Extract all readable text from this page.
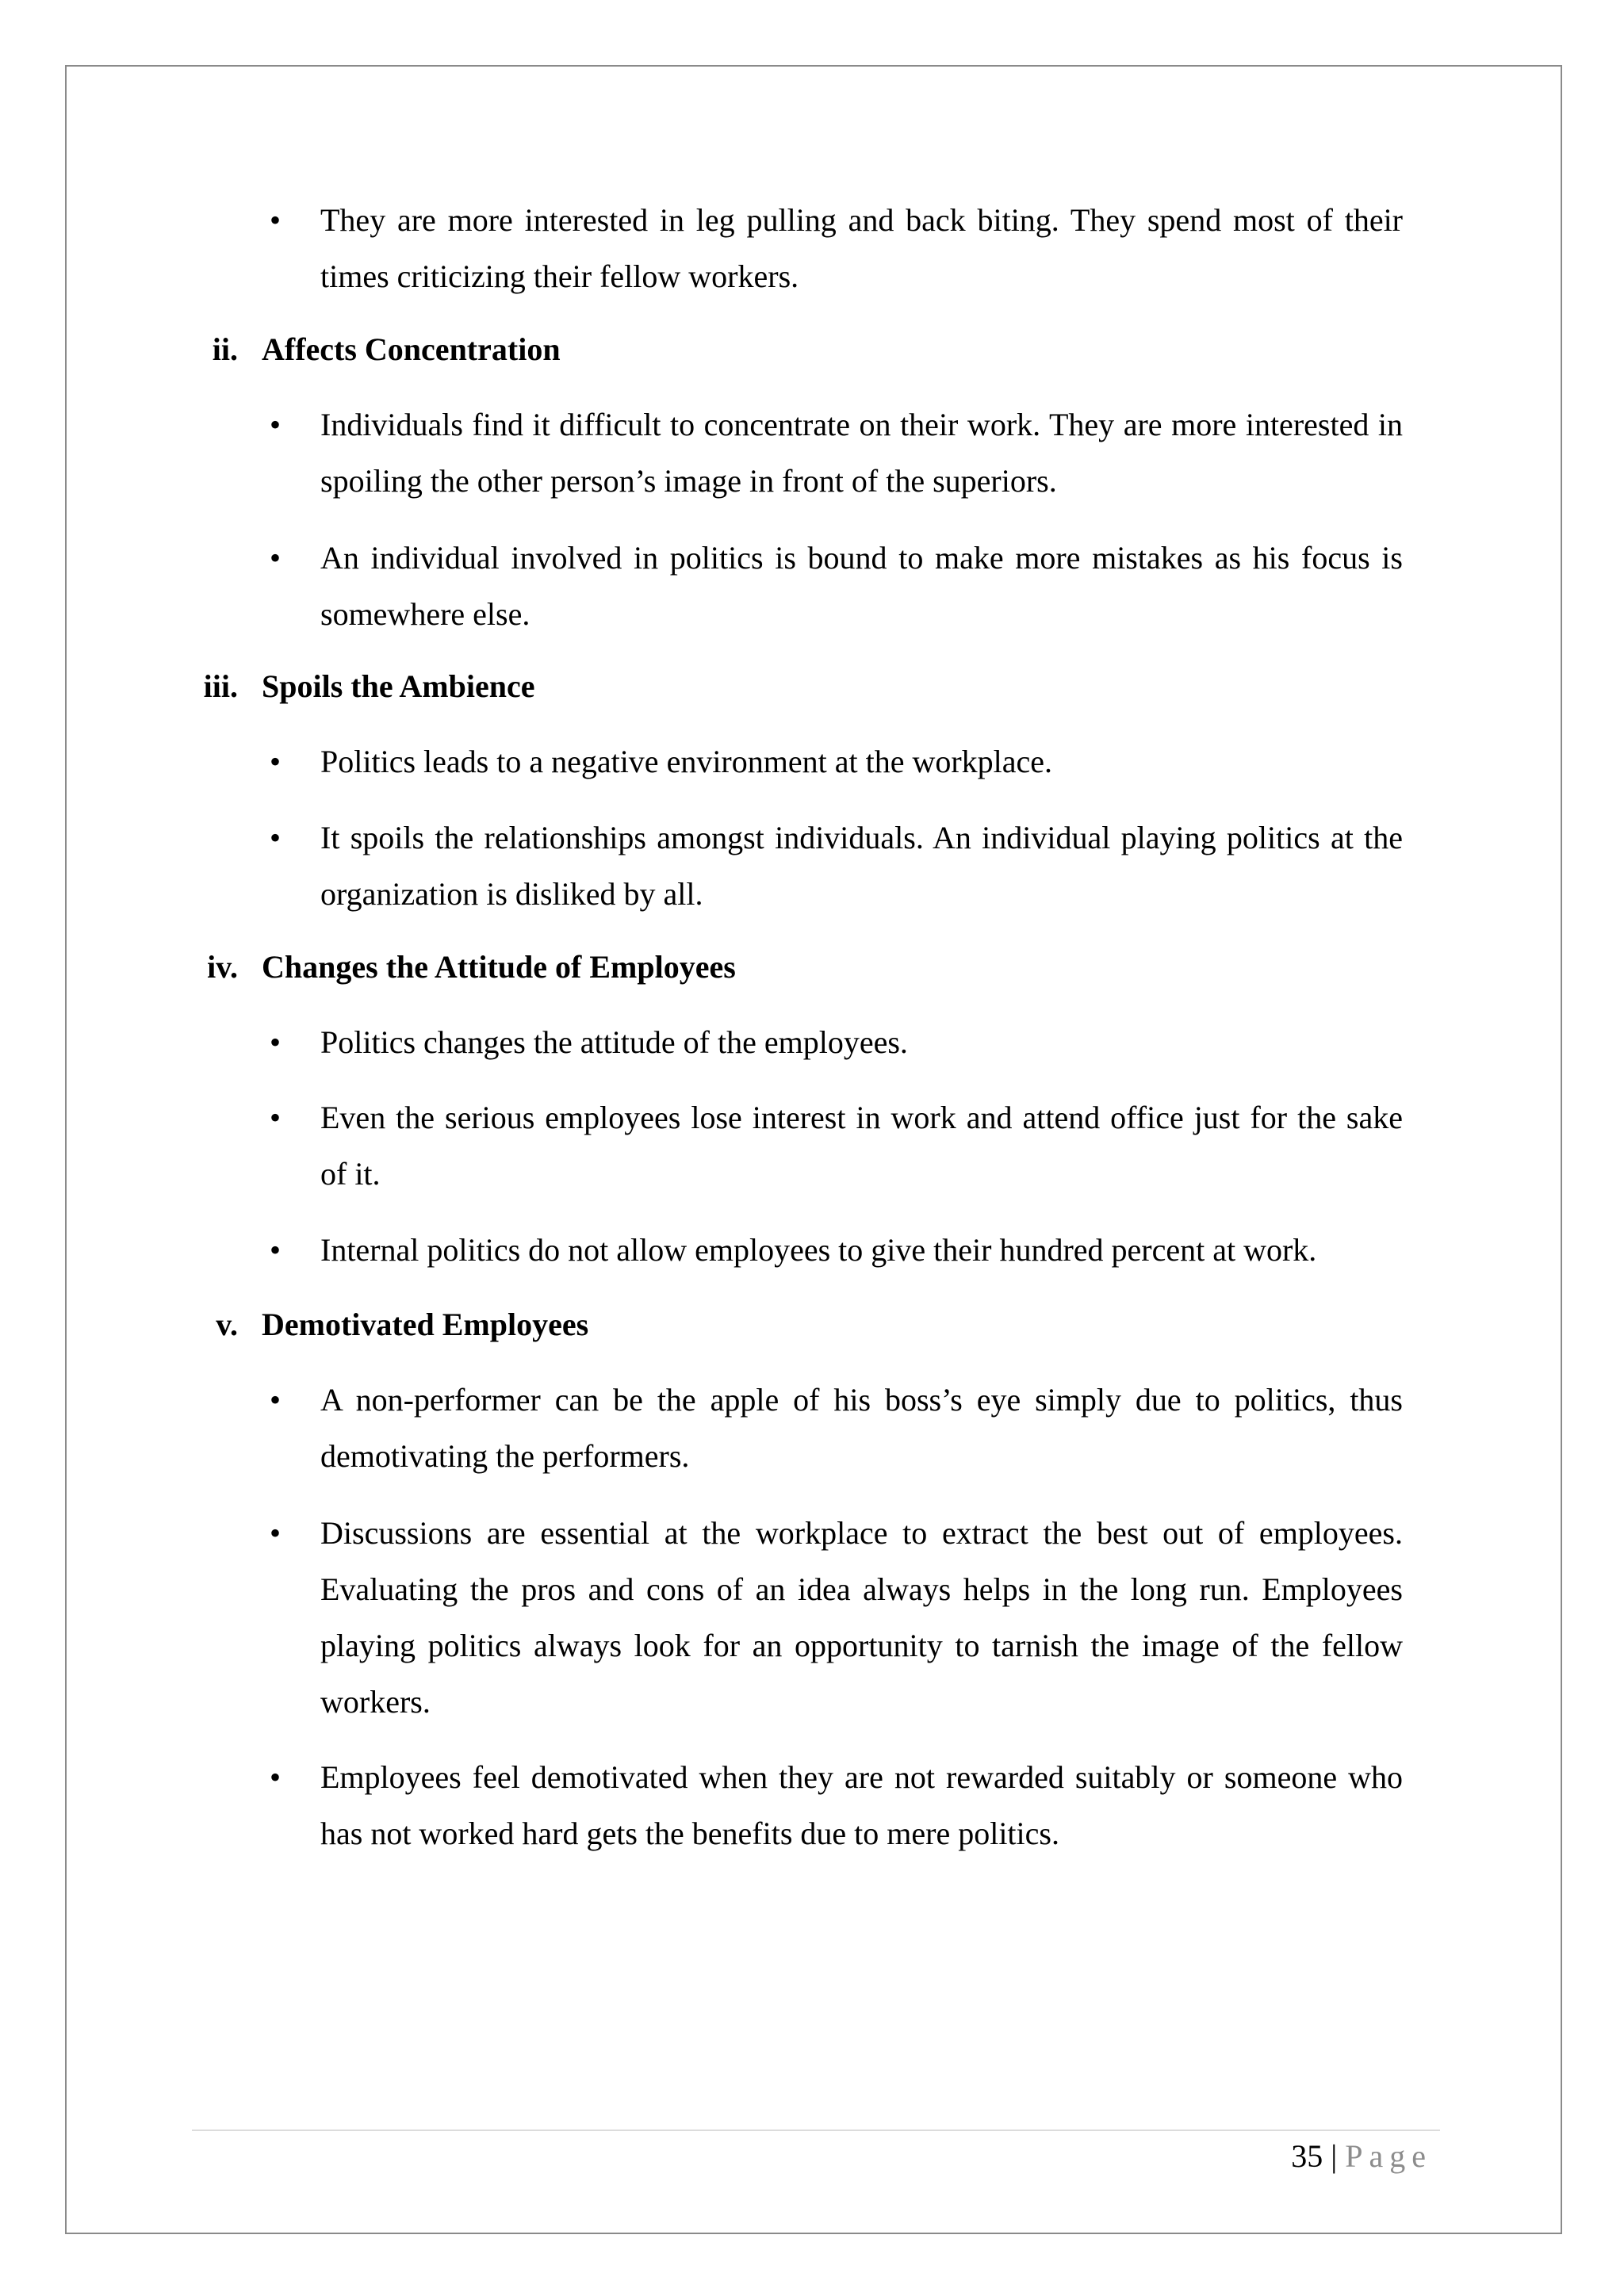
• They are more interested in leg pulling and back biting. They spend most of their times criticizing their fellow workers.
ii. Affects Concentration
• Individuals find it difficult to concentrate on their work. They are more interested in spoiling the other person’s image in front of the superiors.
• An individual involved in politics is bound to make more mistakes as his focus is somewhere else.
iii. Spoils the Ambience
• Politics leads to a negative environment at the workplace.
• It spoils the relationships amongst individuals. An individual playing politics at the organization is disliked by all.
iv. Changes the Attitude of Employees
• Politics changes the attitude of the employees.
• Even the serious employees lose interest in work and attend office just for the sake of it.
• Internal politics do not allow employees to give their hundred percent at work.
v. Demotivated Employees
• A non-performer can be the apple of his boss’s eye simply due to politics, thus demotivating the performers.
• Discussions are essential at the workplace to extract the best out of employees. Evaluating the pros and cons of an idea always helps in the long run. Employees playing politics always look for an opportunity to tarnish the image of the fellow workers.
• Employees feel demotivated when they are not rewarded suitably or someone who has not worked hard gets the benefits due to mere politics.
35 | Page
